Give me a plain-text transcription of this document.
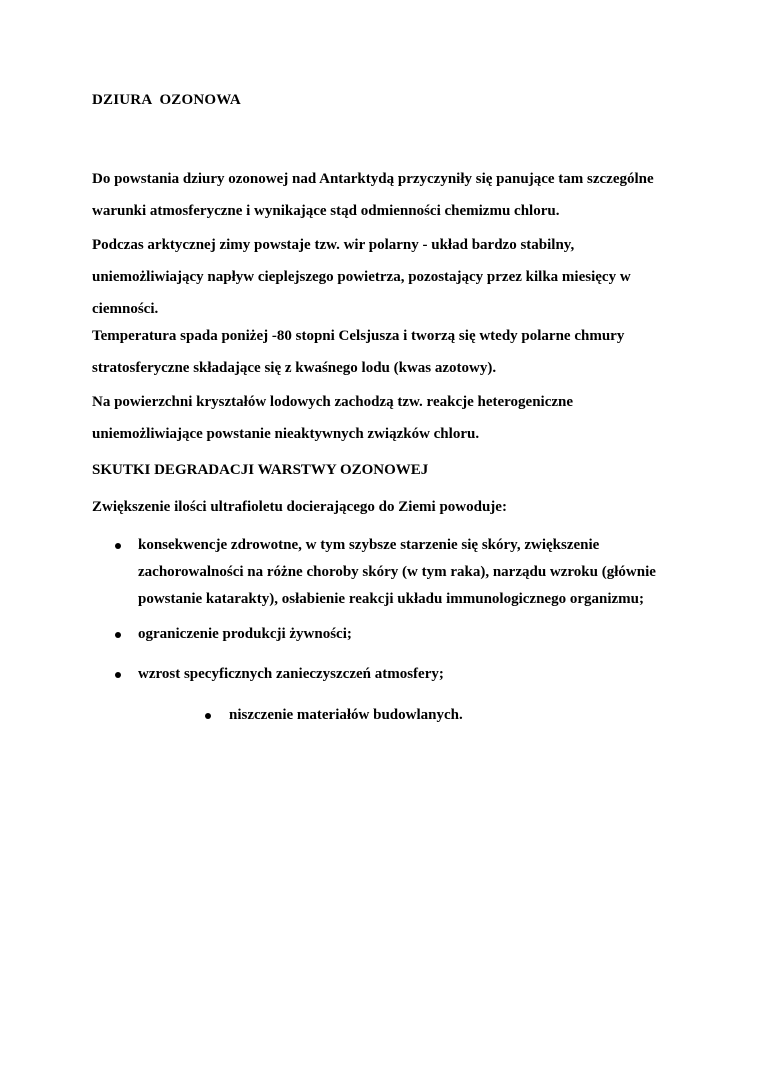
DZIURA  OZONOWA

Do powstania dziury ozonowej nad Antarktydą przyczyniły się panujące tam szczególne
warunki atmosferyczne i wynikające stąd odmienności chemizmu chloru.

Podczas arktycznej zimy powstaje tzw. wir polarny - układ bardzo stabilny,
uniemożliwiający napływ cieplejszego powietrza, pozostający przez kilka miesięcy w
ciemności.

Temperatura spada poniżej -80 stopni Celsjusza i tworzą się wtedy polarne chmury
stratosferyczne składające się z kwaśnego lodu (kwas azotowy).

Na powierzchni kryształów lodowych zachodzą tzw. reakcje heterogeniczne
uniemożliwiające powstanie nieaktywnych związków chloru.

SKUTKI DEGRADACJI WARSTWY OZONOWEJ

Zwiększenie ilości ultrafioletu docierającego do Ziemi powoduje:

konsekwencje zdrowotne, w tym szybsze starzenie się skóry, zwiększenie
zachorowalności na różne choroby skóry (w tym raka), narządu wzroku (głównie
powstanie katarakty), osłabienie reakcji układu immunologicznego organizmu;

ograniczenie produkcji żywności;

wzrost specyficznych zanieczyszczeń atmosfery;

niszczenie materiałów budowlanych.
